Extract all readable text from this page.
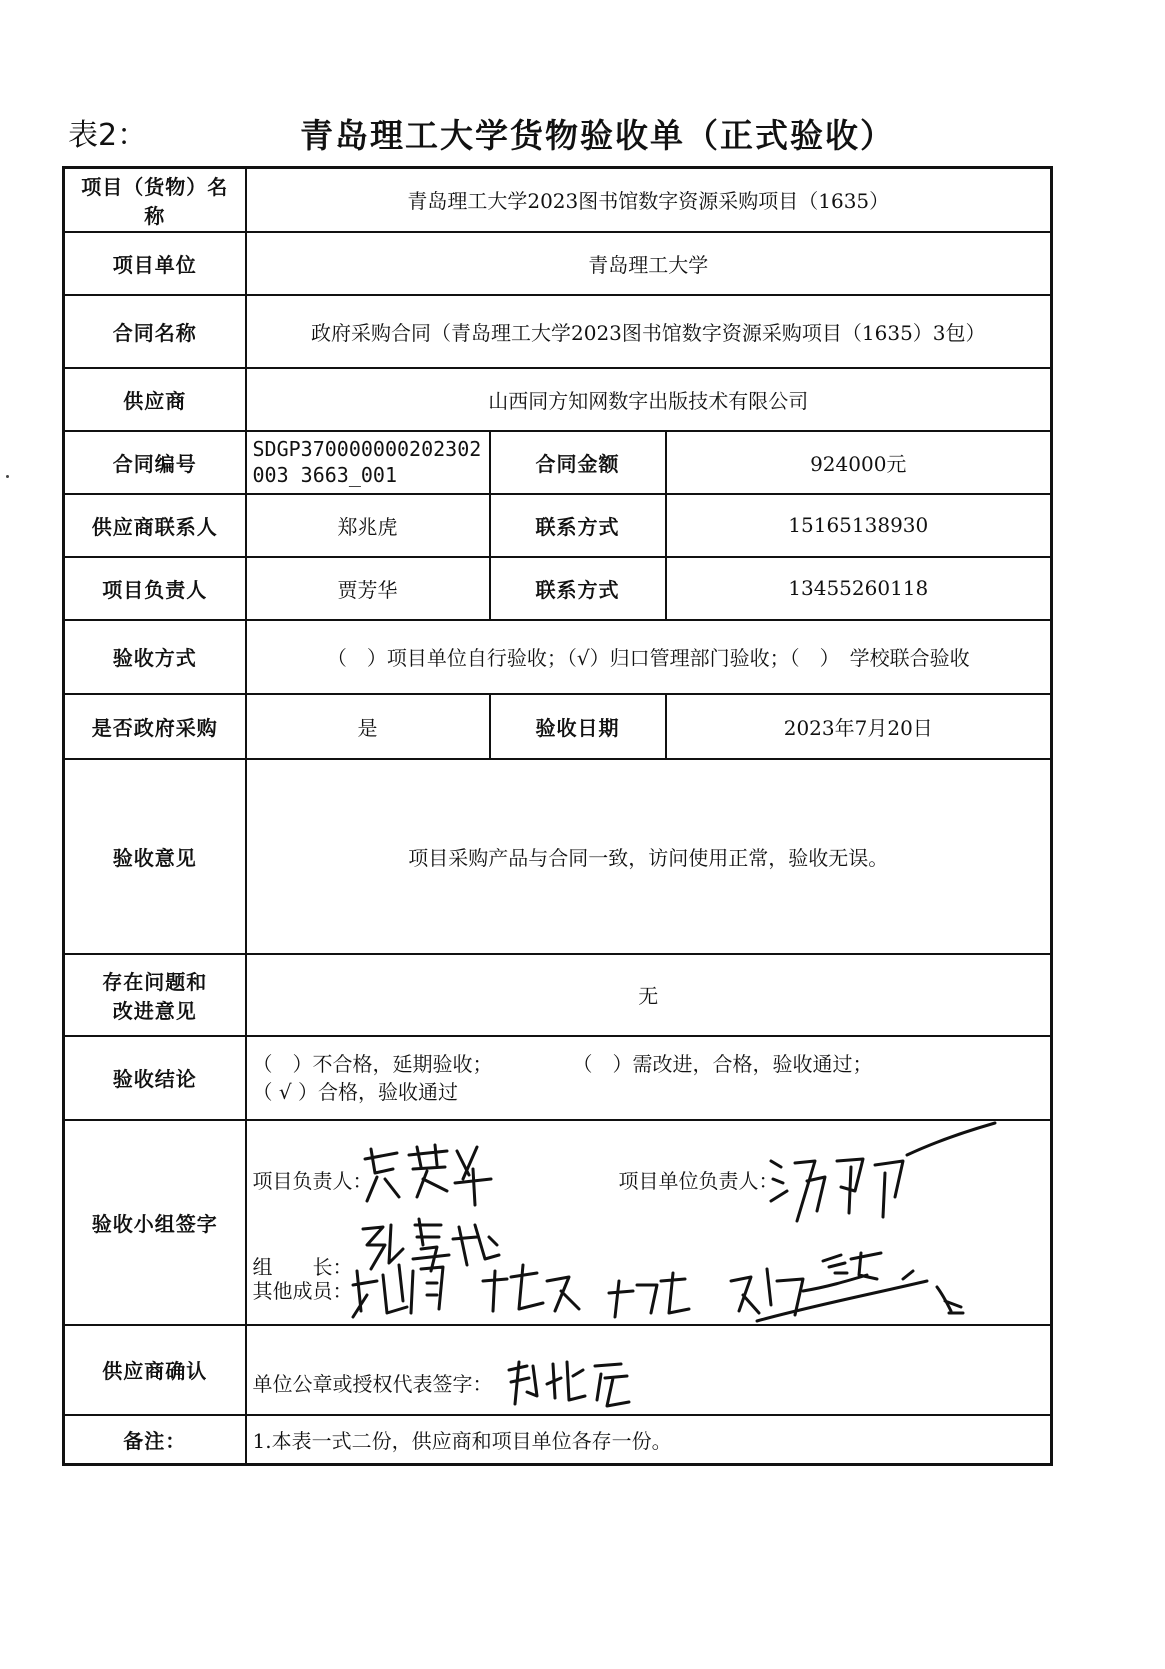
表2：	青岛理工大学货物验收单（正式验收）
项目（货物）名称	青岛理工大学2023图书馆数字资源采购项目（1635）		
项目单位	青岛理工大学		
合同名称	政府采购合同（青岛理工大学2023图书馆数字资源采购项目（1635）3包）		
供应商	山西同方知网数字出版技术有限公司		
合同编号	SDGP370000000202302003 3663_001	合同金额	924000元
供应商联系人	郑兆虎	联系方式	15165138930
项目负责人	贾芳华	联系方式	13455260118
验收方式	（　）项目单位自行验收；（√）归口管理部门验收；（　）　学校联合验收		
是否政府采购	是	验收日期	2023年7月20日
验收意见	项目采购产品与合同一致，访问使用正常，验收无误。		

存在问题和
改进意见	无		
验收结论	（　）不合格，延期验收；　　　　　（　）需改进，合格，验收通过；
（ √ ）合格，验收通过		

验收小组签字	项目负责人： 项目单位负责人：
组　　长：
其他成员：		

供应商确认	单位公章或授权代表签字：		

备注：	1.本表一式二份，供应商和项目单位各存一份。		
